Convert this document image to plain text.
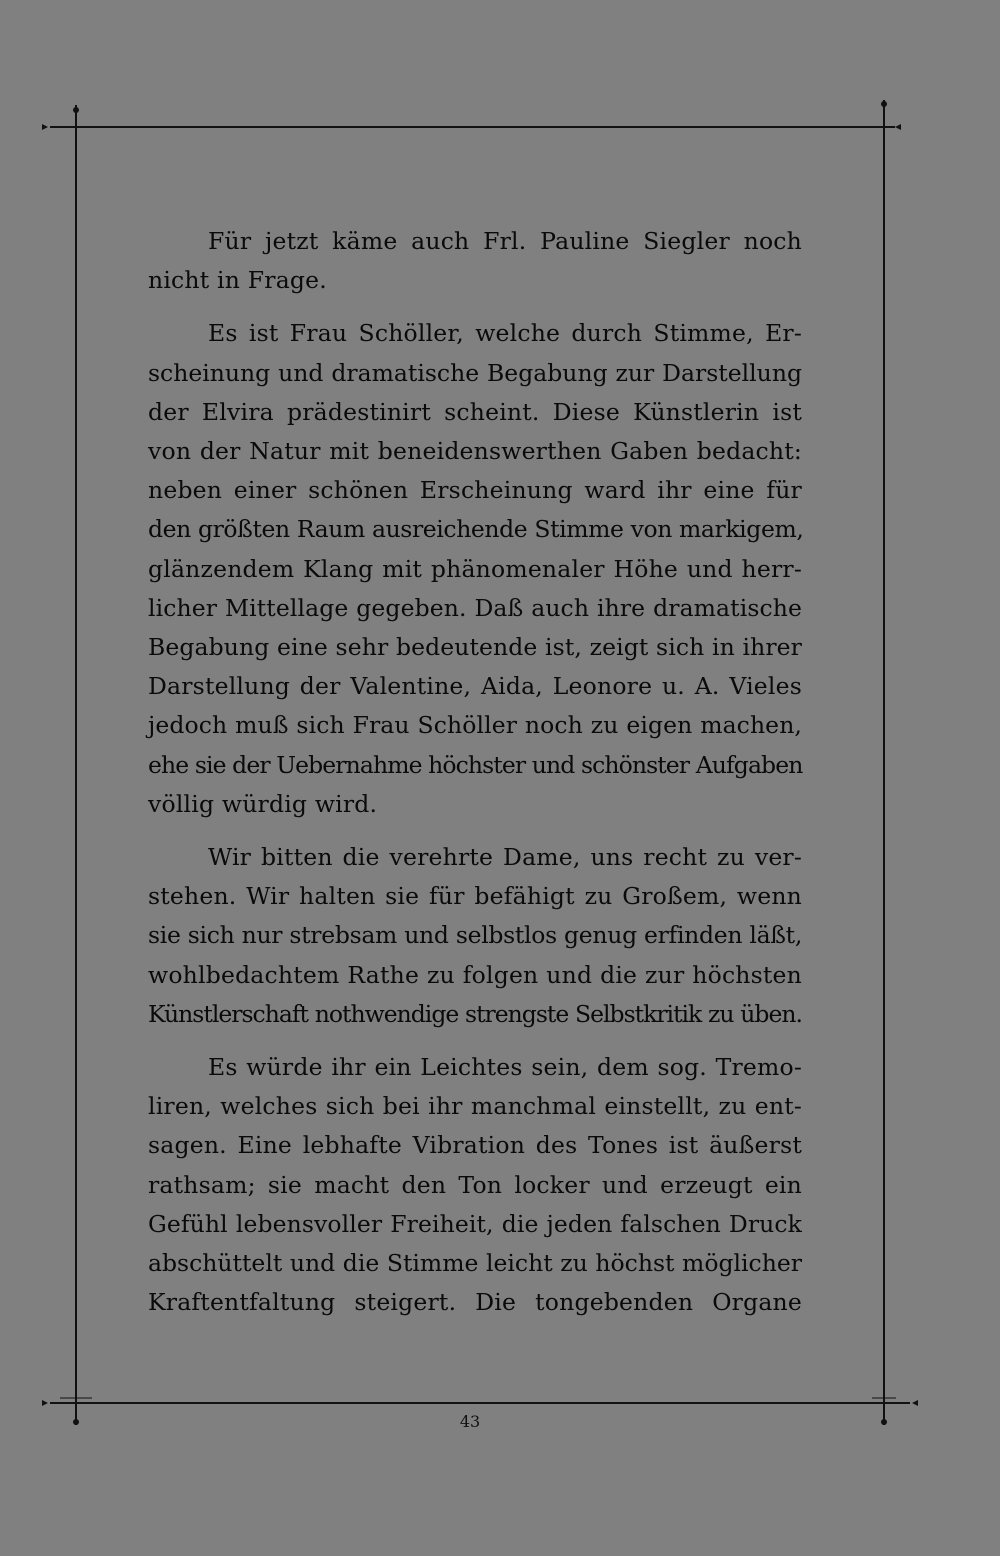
Für jetzt käme auch Frl. Pauline Siegler noch
nicht in Frage.

Es ist Frau Schöller, welche durch Stimme, Er-
scheinung und dramatische Begabung zur Darstellung
der Elvira prädestinirt scheint. Diese Künstlerin ist
von der Natur mit beneidenswerthen Gaben bedacht:
neben einer schönen Erscheinung ward ihr eine für
den größten Raum ausreichende Stimme von markigem,
glänzendem Klang mit phänomenaler Höhe und herr-
licher Mittellage gegeben. Daß auch ihre dramatische
Begabung eine sehr bedeutende ist, zeigt sich in ihrer
Darstellung der Valentine, Aida, Leonore u. A. Vieles
jedoch muß sich Frau Schöller noch zu eigen machen,
ehe sie der Uebernahme höchster und schönster Aufgaben
völlig würdig wird.

Wir bitten die verehrte Dame, uns recht zu ver-
stehen. Wir halten sie für befähigt zu Großem, wenn
sie sich nur strebsam und selbstlos genug erfinden läßt,
wohlbedachtem Rathe zu folgen und die zur höchsten
Künstlerschaft nothwendige strengste Selbstkritik zu üben.

Es würde ihr ein Leichtes sein, dem sog. Tremo-
liren, welches sich bei ihr manchmal einstellt, zu ent-
sagen. Eine lebhafte Vibration des Tones ist äußerst
rathsam; sie macht den Ton locker und erzeugt ein
Gefühl lebensvoller Freiheit, die jeden falschen Druck
abschüttelt und die Stimme leicht zu höchst möglicher
Kraftentfaltung steigert. Die tongebenden Organe

43
